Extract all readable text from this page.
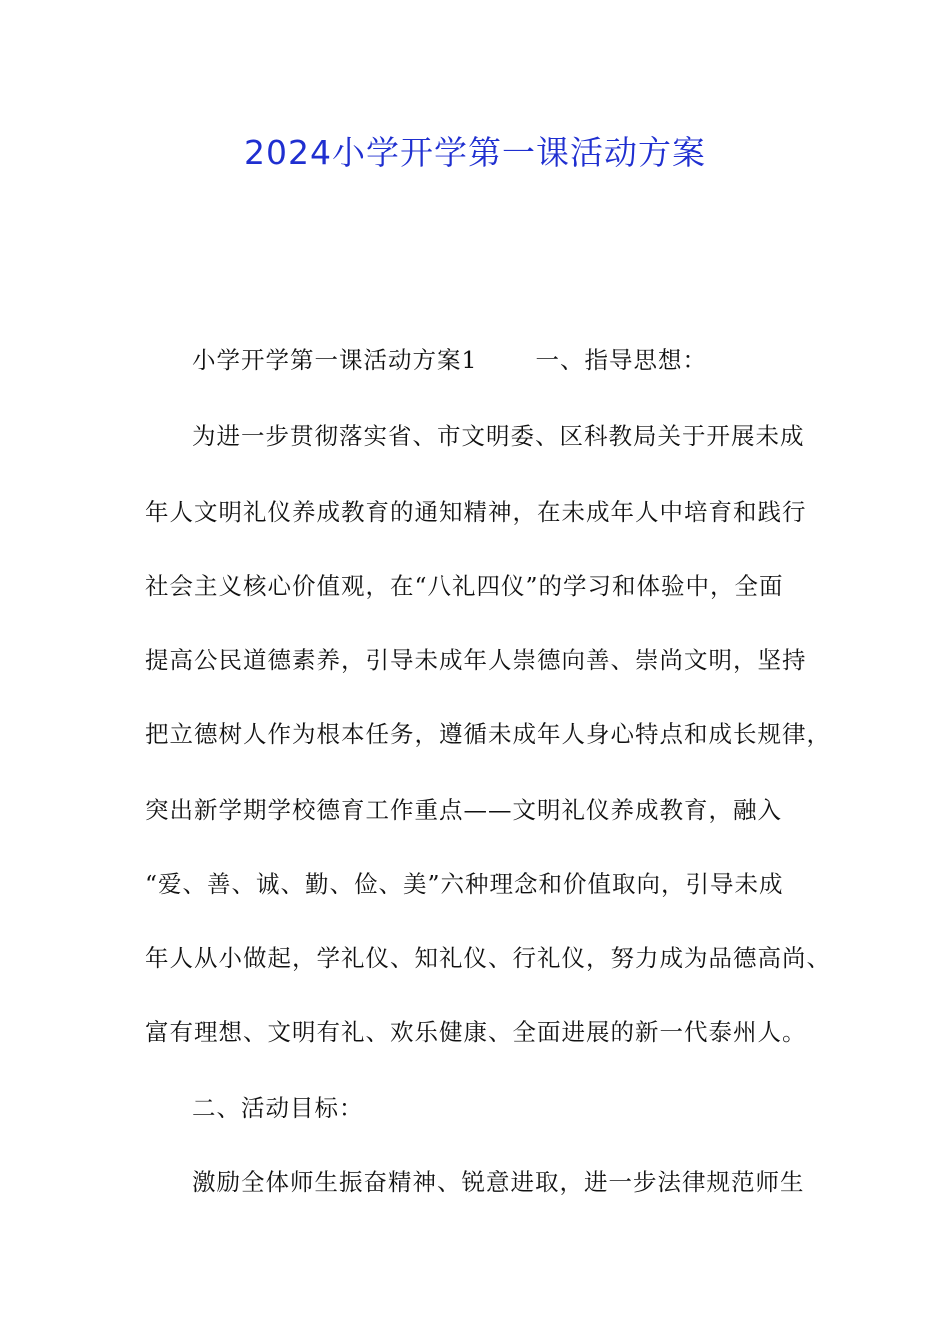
2024小学开学第一课活动方案
小学开学第一课活动方案1 一、指导思想：
为进一步贯彻落实省、市文明委、区科教局关于开展未成
年人文明礼仪养成教育的通知精神，在未成年人中培育和践行
社会主义核心价值观，在“八礼四仪”的学习和体验中，全面
提高公民道德素养，引导未成年人崇德向善、崇尚文明，坚持
把立德树人作为根本任务，遵循未成年人身心特点和成长规律，
突出新学期学校德育工作重点——文明礼仪养成教育，融入
“爱、善、诚、勤、俭、美”六种理念和价值取向，引导未成
年人从小做起，学礼仪、知礼仪、行礼仪，努力成为品德高尚、
富有理想、文明有礼、欢乐健康、全面进展的新一代泰州人。
二、活动目标：
激励全体师生振奋精神、锐意进取，进一步法律规范师生
